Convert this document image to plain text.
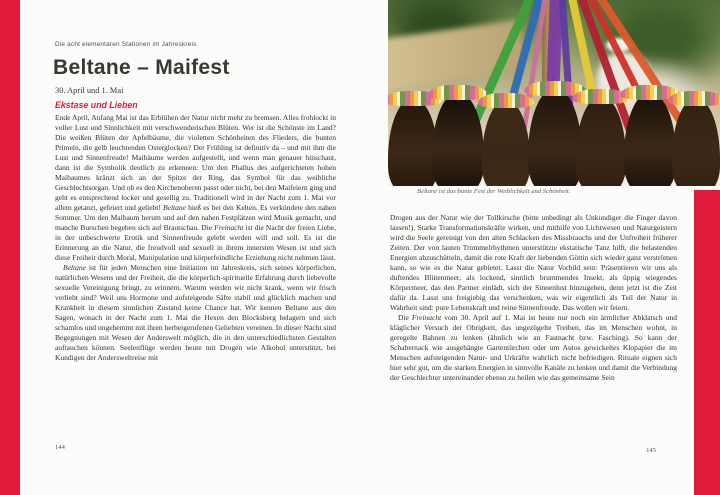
Die acht elementaren Stationen im Jahreskreis
Beltane – Maifest
30. April und 1. Mai
Ekstase und Lieben

Ende April, Anfang Mai ist das Erblühen der Natur nicht mehr zu bremsen. Alles frohlockt in voller Lust und Sinnlichkeit mit verschwenderischen Blüten. Wer ist die Schönste im Land? Die weißen Blüten der Apfelbäume, die violetten Schönheiten des Flieders, die bunten Primeln, die gelb leuchtenden Osterglocken? Der Frühling ist definitiv da – und mit ihm die Lust und Sinnenfreude! Maibäume werden aufgestellt, und wenn man genauer hinschaut, dann ist die Symbolik deutlich zu erkennen: Um den Phallus des aufgerichteten hohen Maibaumes kränzt sich an der Spitze der Ring, das Symbol für das weibliche Geschlechtsorgan. Und ob es den Kirchenoberen passt oder nicht, bei den Maifeiern ging und geht es entsprechend locker und gesellig zu. Traditionell wird in der Nacht zum 1. Mai vor allem getanzt, gefeiert und geliebt! Beltane hieß es bei den Kelten. Es verkündete den nahen Sommer. Um den Maibaum herum und auf den nahen Festplätzen wird Musik gemacht, und manche Burschen begeben sich auf Brautschau. Die Freinacht ist die Nacht der freien Liebe, in der unbeschwerte Erotik und Sinnenfreude gelebt werden will und soll. Es ist die Erinnerung an die Natur, die freudvoll und sexuell in ihrem innersten Wesen ist und sich diese Freiheit durch Moral, Manipulation und körperfeindliche Erziehung nicht nehmen lässt.

Beltane ist für jeden Menschen eine Initiation im Jahreskreis, sich seines körperlichen, natürlichen Wesens und der Freiheit, die die körperlich-spirituelle Erfahrung durch liebevolle sexuelle Vereinigung bringt, zu erinnern. Warum werden wir nicht krank, wenn wir frisch verliebt sind? Weil uns Hormone und aufsteigende Säfte stabil und glücklich machen und Krankheit in diesem sinnlichen Zustand keine Chance hat. Wir kennen Beltane aus den Sagen, wonach in der Nacht zum 1. Mai die Hexen den Blocksberg belagern und sich schamlos und ungehemmt mit ihren herbeigerufenen Geliebten vereinen. In dieser Nacht sind Begegnungen mit Wesen der Anderswelt möglich, die in den unterschiedlichsten Gestalten auftauchen können. Seelenflüge werden heute mit Drogen wie Alkohol unterstützt, bei Kundigen der Andersweltreise mit

144
Beltane ist das bunte Fest der Weiblichkeit und Schönheit.

Drogen aus der Natur wie der Tollkirsche (bitte unbedingt als Unkundiger die Finger davon lassen!). Starke Transformationskräfte wirken, und mithilfe von Lichtwesen und Naturgeistern wird die Seele gereinigt von den alten Schlacken des Missbrauchs und der Unfreiheit früherer Zeiten. Der von lauten Trommelrhythmen unterstützte ekstatische Tanz hilft, die belastenden Energien abzuschütteln, damit die rote Kraft der liebenden Göttin sich wieder ganz verströmen kann, so wie es die Natur gebietet. Lasst die Natur Vorbild sein: Präsentieren wir uns als duftendes Blütenmeer, als lockend, sinnlich brummendes Insekt, als üppig wiegendes Körpermeer, das den Partner einlädt, sich der Sinnenlust hinzugeben, denn jetzt ist die Zeit dafür da. Lasst uns freigiebig das verschenken, was wir eigentlich als Teil der Natur in Wahrheit sind: pure Lebenskraft und reine Sinnenfreude. Das wollen wir feiern.

Die Freinacht vom 30. April auf 1. Mai ist heute nur noch ein ärmlicher Abklatsch und kläglicher Versuch der Obrigkeit, das ungezügelte Treiben, das im Menschen wohnt, in geregelte Bahnen zu lenken (ähnlich wie an Fastnacht bzw. Fasching). So kann der Schabernack wie ausgehängte Gartentürchen oder um Autos gewickeltes Klopapier die im Menschen aufsteigenden Natur- und Urkräfte wahrlich nicht befriedigen. Rituale eignen sich hier sehr gut, um die starken Energien in sinnvolle Kanäle zu lenken und damit die Verbindung der Geschlechter untereinander ebenso zu heilen wie das gemeinsame Sein

145
